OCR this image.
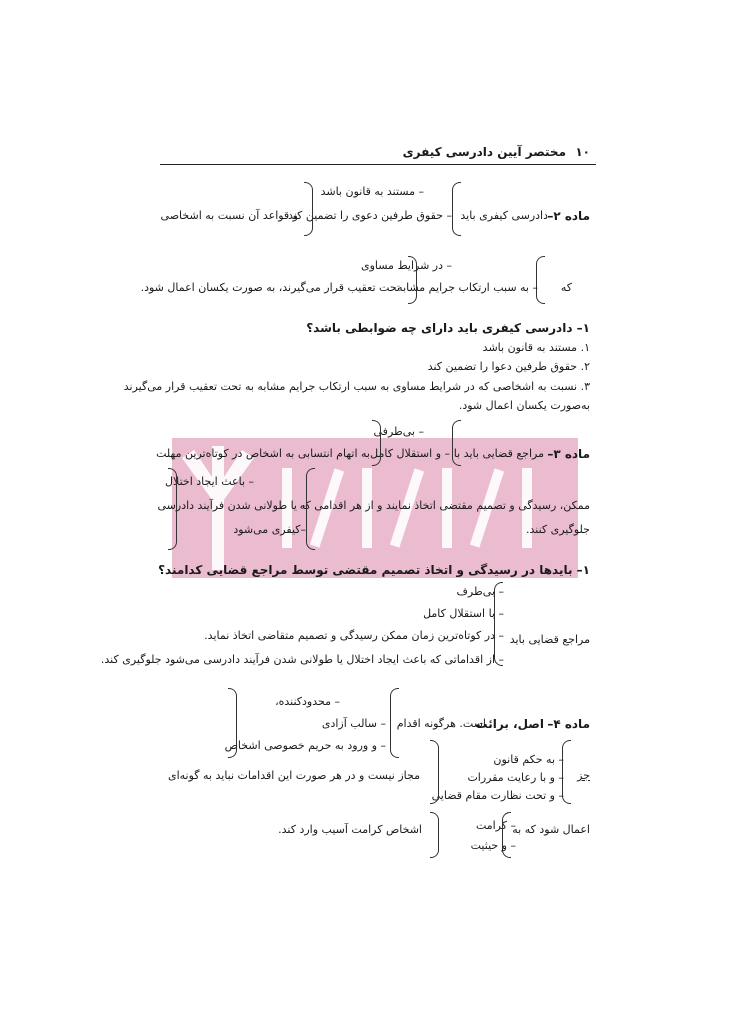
١٠
مختصر آیین دادرسی کیفری
– مستند به قانون باشد
ماده ۲–
دادرسی کیفری باید
– حقوق طرفین دعوی را تضمین کند
و قواعد آن نسبت به اشخاصی
– در شرایط مساوی
که
– به سبب ارتکاب جرایم مشابه
تحت تعقیب قرار می‌گیرند، به صورت یکسان اعمال شود.
۱– دادرسی کیفری باید دارای چه ضوابطی باشد؟
۱. مستند به قانون باشد
۲. حقوق طرفین دعوا را تضمین کند
۳. نسبت به اشخاصی که در شرایط مساوی به سبب ارتکاب جرایم مشابه به تحت تعقیب قرار می‌گیرند
به‌صورت یکسان اعمال شود.
– بی‌طرفی
ماده ۳–
مراجع قضایی باید با
– و استقلال کامل
به اتهام انتسابی به اشخاص در کوتاه‌ترین مهلت
– باعث ایجاد اختلال
ممکن، رسیدگی و تصمیم مقتضی اتخاذ نمایند و از هر اقدامی که
– یا طولانی شدن فرآیند دادرسی
–کیفری می‌شود	جلوگیری کنند.
۱– بایدها در رسیدگی و اتخاذ تصمیم مقتضی توسط مراجع قضایی کدامند؟
– بی‌طرف
– با استقلال کامل
مراجع قضایی باید
– در کوتاه‌ترین زمان ممکن رسیدگی و تصمیم متقاضی اتخاذ نماید.
– از اقداماتی که باعث ایجاد اختلال یا طولانی شدن فرآیند دادرسی می‌شود جلوگیری کند.
– محدودکننده،
ماده ۴–
اصل، برائت
است. هرگونه اقدام
– سالب آزادی
– و ورود به حریم خصوصی اشخاص
– به حکم قانون
جز
– و با رعایت مقررات
– و تحت نظارت مقام قضایی
مجاز نیست و در هر صورت این اقدامات نباید به گونه‌ای
– کرامت
اعمال شود که به
– و حیثیت
اشخاص کرامت آسیب وارد کند.
